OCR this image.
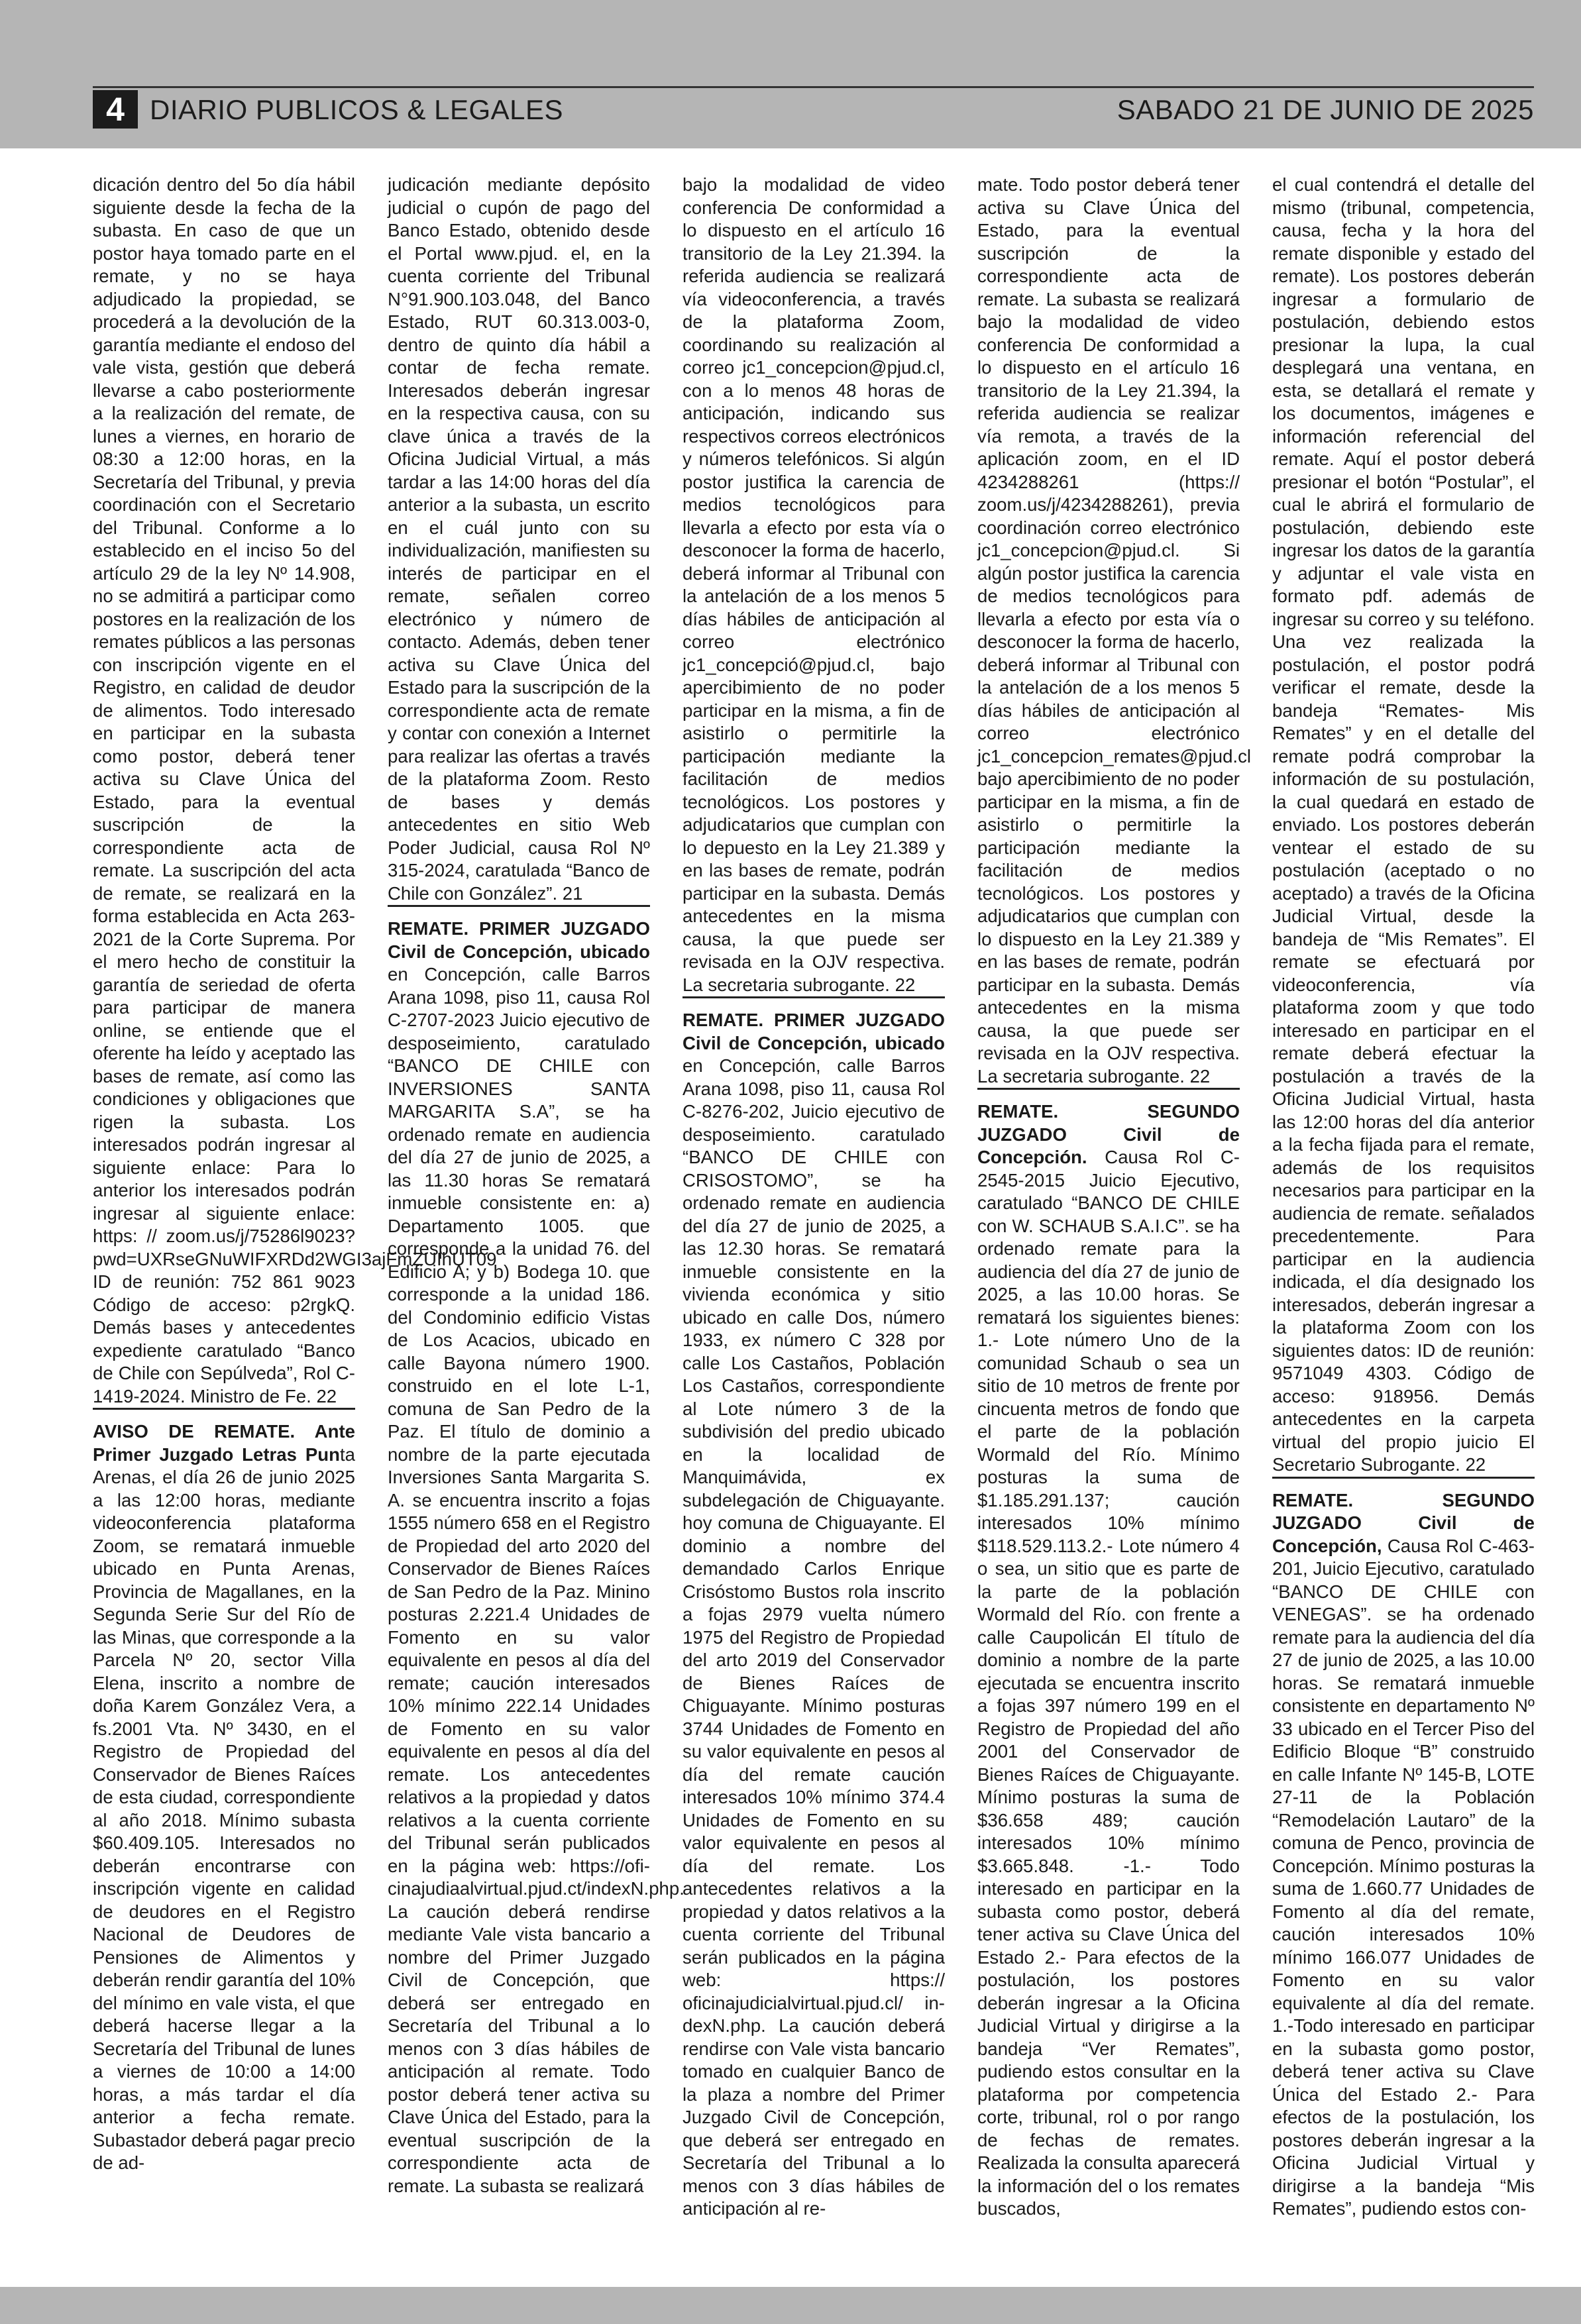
4 DIARIO PUBLICOS & LEGALES	SABADO 21 DE JUNIO DE 2025

dicación dentro del 5o día hábil siguiente desde la fecha de la subasta. En caso de que un postor haya tomado parte en el remate, y no se haya adjudicado la propiedad, se procederá a la devolución de la garantía mediante el endoso del vale vista, gestión que deberá llevarse a cabo posteriormente a la realización del remate, de lunes a viernes, en horario de 08:30 a 12:00 horas, en la Secretaría del Tribunal, y previa coordinación con el Secretario del Tribunal. Conforme a lo establecido en el inciso 5o del artículo 29 de la ley Nº 14.908, no se admitirá a participar como postores en la realización de los remates públicos a las personas con inscripción vigente en el Registro, en calidad de deudor de alimentos. Todo interesado en participar en la subasta como postor, deberá tener activa su Clave Única del Estado, para la eventual suscripción de la correspondiente acta de remate. La suscripción del acta de remate, se realizará en la forma establecida en Acta 263-2021 de la Corte Suprema. Por el mero hecho de constituir la garantía de seriedad de oferta para participar de manera online, se entiende que el oferente ha leído y aceptado las bases de remate, así como las condiciones y obligaciones que rigen la subasta. Los interesados podrán ingresar al siguiente enlace: Para lo anterior los interesados podrán ingresar al siguiente enlace: https: // zoom.us/j/75286l9023?pwd=UXRseGNuWIFXRDd2WGI3ajFmZUIhUT09 ID de reunión: 752 861 9023 Código de acceso: p2rgkQ. Demás bases y antecedentes expediente caratulado “Banco de Chile con Sepúlveda”, Rol C-1419-2024. Ministro de Fe. 22

AVISO DE REMATE. Ante Primer Juzgado Letras Punta Arenas, el día 26 de junio 2025 a las 12:00 horas, mediante videoconferencia plataforma Zoom, se rematará inmueble ubicado en Punta Arenas, Provincia de Magallanes, en la Segunda Serie Sur del Río de las Minas, que corresponde a la Parcela Nº 20, sector Villa Elena, inscrito a nombre de doña Karem González Vera, a fs.2001 Vta. Nº 3430, en el Registro de Propiedad del Conservador de Bienes Raíces de esta ciudad, correspondiente al año 2018. Mínimo subasta $60.409.105. Interesados no deberán encontrarse con inscripción vigente en calidad de deudores en el Registro Nacional de Deudores de Pensiones de Alimentos y deberán rendir garantía del 10% del mínimo en vale vista, el que deberá hacerse llegar a la Secretaría del Tribunal de lunes a viernes de 10:00 a 14:00 horas, a más tardar el día anterior a fecha remate. Subastador deberá pagar precio de ad-

judicación mediante depósito judicial o cupón de pago del Banco Estado, obtenido desde el Portal www.pjud. el, en la cuenta corriente del Tribunal N°91.900.103.048, del Banco Estado, RUT 60.313.003-0, dentro de quinto día hábil a contar de fecha remate. Interesados deberán ingresar en la respectiva causa, con su clave única a través de la Oficina Judicial Virtual, a más tardar a las 14:00 horas del día anterior a la subasta, un escrito en el cuál junto con su individualización, manifiesten su interés de participar en el remate, señalen correo electrónico y número de contacto. Además, deben tener activa su Clave Única del Estado para la suscripción de la correspondiente acta de remate y contar con conexión a Internet para realizar las ofertas a través de la plataforma Zoom. Resto de bases y demás antecedentes en sitio Web Poder Judicial, causa Rol Nº 315-2024, caratulada “Banco de Chile con González”. 21

REMATE. PRIMER JUZGADO Civil de Concepción, ubicado en Concepción, calle Barros Arana 1098, piso 11, causa Rol C-2707-2023 Juicio ejecutivo de desposeimiento, caratulado “BANCO DE CHILE con INVERSIONES SANTA MARGARITA S.A”, se ha ordenado remate en audiencia del día 27 de junio de 2025, a las 11.30 horas Se rematará inmueble consistente en: a) Departamento 1005. que corresponde a la unidad 76. del Edificio A; y b) Bodega 10. que corresponde a la unidad 186. del Condominio edificio Vistas de Los Acacios, ubicado en calle Bayona número 1900. construido en el lote L-1, comuna de San Pedro de la Paz. El título de dominio a nombre de la parte ejecutada Inversiones Santa Margarita S. A. se encuentra inscrito a fojas 1555 número 658 en el Registro de Propiedad del arto 2020 del Conservador de Bienes Raíces de San Pedro de la Paz. Minino posturas 2.221.4 Unidades de Fomento en su valor equivalente en pesos al día del remate; caución interesados 10% mínimo 222.14 Unidades de Fomento en su valor equivalente en pesos al día del remate. Los antecedentes relativos a la propiedad y datos relativos a la cuenta corriente del Tribunal serán publicados en la página web: https://ofi-cinajudiaalvirtual.pjud.ct/indexN.php. La caución deberá rendirse mediante Vale vista bancario a nombre del Primer Juzgado Civil de Concepción, que deberá ser entregado en Secretaría del Tribunal a lo menos con 3 días hábiles de anticipación al remate. Todo postor deberá tener activa su Clave Única del Estado, para la eventual suscripción de la correspondiente acta de remate. La subasta se realizará

bajo la modalidad de video conferencia De conformidad a lo dispuesto en el artículo 16 transitorio de la Ley 21.394. la referida audiencia se realizará vía videoconferencia, a través de la plataforma Zoom, coordinando su realización al correo jc1_concepcion@pjud.cl, con a lo menos 48 horas de anticipación, indicando sus respectivos correos electrónicos y números telefónicos. Si algún postor justifica la carencia de medios tecnológicos para llevarla a efecto por esta vía o desconocer la forma de hacerlo, deberá informar al Tribunal con la antelación de a los menos 5 días hábiles de anticipación al correo electrónico jc1_concepció@pjud.cl, bajo apercibimiento de no poder participar en la misma, a fin de asistirlo o permitirle la participación mediante la facilitación de medios tecnológicos. Los postores y adjudicatarios que cumplan con lo depuesto en la Ley 21.389 y en las bases de remate, podrán participar en la subasta. Demás antecedentes en la misma causa, la que puede ser revisada en la OJV respectiva. La secretaria subrogante. 22

REMATE. PRIMER JUZGADO Civil de Concepción, ubicado en Concepción, calle Barros Arana 1098, piso 11, causa Rol C-8276-202, Juicio ejecutivo de desposeimiento. caratulado “BANCO DE CHILE con CRISOSTOMO”, se ha ordenado remate en audiencia del día 27 de junio de 2025, a las 12.30 horas. Se rematará inmueble consistente en la vivienda económica y sitio ubicado en calle Dos, número 1933, ex número C 328 por calle Los Castaños, Población Los Castaños, correspondiente al Lote número 3 de la subdivisión del predio ubicado en la localidad de Manquimávida, ex subdelegación de Chiguayante. hoy comuna de Chiguayante. El dominio a nombre del demandado Carlos Enrique Crisóstomo Bustos rola inscrito a fojas 2979 vuelta número 1975 del Registro de Propiedad del arto 2019 del Conservador de Bienes Raíces de Chiguayante. Mínimo posturas 3744 Unidades de Fomento en su valor equivalente en pesos al día del remate caución interesados 10% mínimo 374.4 Unidades de Fomento en su valor equivalente en pesos al día del remate. Los antecedentes relativos a la propiedad y datos relativos a la cuenta corriente del Tribunal serán publicados en la página web: https:// oficinajudicialvirtual.pjud.cl/ in-dexN.php. La caución deberá rendirse con Vale vista bancario tomado en cualquier Banco de la plaza a nombre del Primer Juzgado Civil de Concepción, que deberá ser entregado en Secretaría del Tribunal a lo menos con 3 días hábiles de anticipación al re-

mate. Todo postor deberá tener activa su Clave Única del Estado, para la eventual suscripción de la correspondiente acta de remate. La subasta se realizará bajo la modalidad de video conferencia De conformidad a lo dispuesto en el artículo 16 transitorio de la Ley 21.394, la referida audiencia se realizar vía remota, a través de la aplicación zoom, en el ID 4234288261 (https:// zoom.us/j/4234288261), previa coordinación correo electrónico jc1_concepcion@pjud.cl. Si algún postor justifica la carencia de medios tecnológicos para llevarla a efecto por esta vía o desconocer la forma de hacerlo, deberá informar al Tribunal con la antelación de a los menos 5 días hábiles de anticipación al correo electrónico jc1_concepcion_remates@pjud.cl bajo apercibimiento de no poder participar en la misma, a fin de asistirlo o permitirle la participación mediante la facilitación de medios tecnológicos. Los postores y adjudicatarios que cumplan con lo dispuesto en la Ley 21.389 y en las bases de remate, podrán participar en la subasta. Demás antecedentes en la misma causa, la que puede ser revisada en la OJV respectiva. La secretaria subrogante. 22

REMATE. SEGUNDO JUZGADO Civil de Concepción. Causa Rol C-2545-2015 Juicio Ejecutivo, caratulado “BANCO DE CHILE con W. SCHAUB S.A.I.C”. se ha ordenado remate para la audiencia del día 27 de junio de 2025, a las 10.00 horas. Se rematará los siguientes bienes: 1.- Lote número Uno de la comunidad Schaub o sea un sitio de 10 metros de frente por cincuenta metros de fondo que el parte de la población Wormald del Río. Mínimo posturas la suma de $1.185.291.137; caución interesados 10% mínimo $118.529.113.2.- Lote número 4 o sea, un sitio que es parte de la parte de la población Wormald del Río. con frente a calle Caupolicán El título de dominio a nombre de la parte ejecutada se encuentra inscrito a fojas 397 número 199 en el Registro de Propiedad del año 2001 del Conservador de Bienes Raíces de Chiguayante. Mínimo posturas la suma de $36.658 489; caución interesados 10% mínimo $3.665.848. -1.- Todo interesado en participar en la subasta como postor, deberá tener activa su Clave Única del Estado 2.- Para efectos de la postulación, los postores deberán ingresar a la Oficina Judicial Virtual y dirigirse a la bandeja “Ver Remates”, pudiendo estos consultar en la plataforma por competencia corte, tribunal, rol o por rango de fechas de remates. Realizada la consulta aparecerá la información del o los remates buscados,

el cual contendrá el detalle del mismo (tribunal, competencia, causa, fecha y la hora del remate disponible y estado del remate). Los postores deberán ingresar a formulario de postulación, debiendo estos presionar la lupa, la cual desplegará una ventana, en esta, se detallará el remate y los documentos, imágenes e información referencial del remate. Aquí el postor deberá presionar el botón “Postular”, el cual le abrirá el formulario de postulación, debiendo este ingresar los datos de la garantía y adjuntar el vale vista en formato pdf. además de ingresar su correo y su teléfono. Una vez realizada la postulación, el postor podrá verificar el remate, desde la bandeja “Remates- Mis Remates” y en el detalle del remate podrá comprobar la información de su postulación, la cual quedará en estado de enviado. Los postores deberán ventear el estado de su postulación (aceptado o no aceptado) a través de la Oficina Judicial Virtual, desde la bandeja de “Mis Remates”. El remate se efectuará por videoconferencia, vía plataforma zoom y que todo interesado en participar en el remate deberá efectuar la postulación a través de la Oficina Judicial Virtual, hasta las 12:00 horas del día anterior a la fecha fijada para el remate, además de los requisitos necesarios para participar en la audiencia de remate. señalados precedentemente. Para participar en la audiencia indicada, el día designado los interesados, deberán ingresar a la plataforma Zoom con los siguientes datos: ID de reunión: 9571049 4303. Código de acceso: 918956. Demás antecedentes en la carpeta virtual del propio juicio El Secretario Subrogante. 22

REMATE. SEGUNDO JUZGADO Civil de Concepción, Causa Rol C-463-201, Juicio Ejecutivo, caratulado “BANCO DE CHILE con VENEGAS”. se ha ordenado remate para la audiencia del día 27 de junio de 2025, a las 10.00 horas. Se rematará inmueble consistente en departamento Nº 33 ubicado en el Tercer Piso del Edificio Bloque “B” construido en calle Infante Nº 145-B, LOTE 27-11 de la Población “Remodelación Lautaro” de la comuna de Penco, provincia de Concepción. Mínimo posturas la suma de 1.660.77 Unidades de Fomento al día del remate, caución interesados 10% mínimo 166.077 Unidades de Fomento en su valor equivalente al día del remate. 1.-Todo interesado en participar en la subasta gomo postor, deberá tener activa su Clave Única del Estado 2.- Para efectos de la postulación, los postores deberán ingresar a la Oficina Judicial Virtual y dirigirse a la bandeja “Mis Remates”, pudiendo estos con-
